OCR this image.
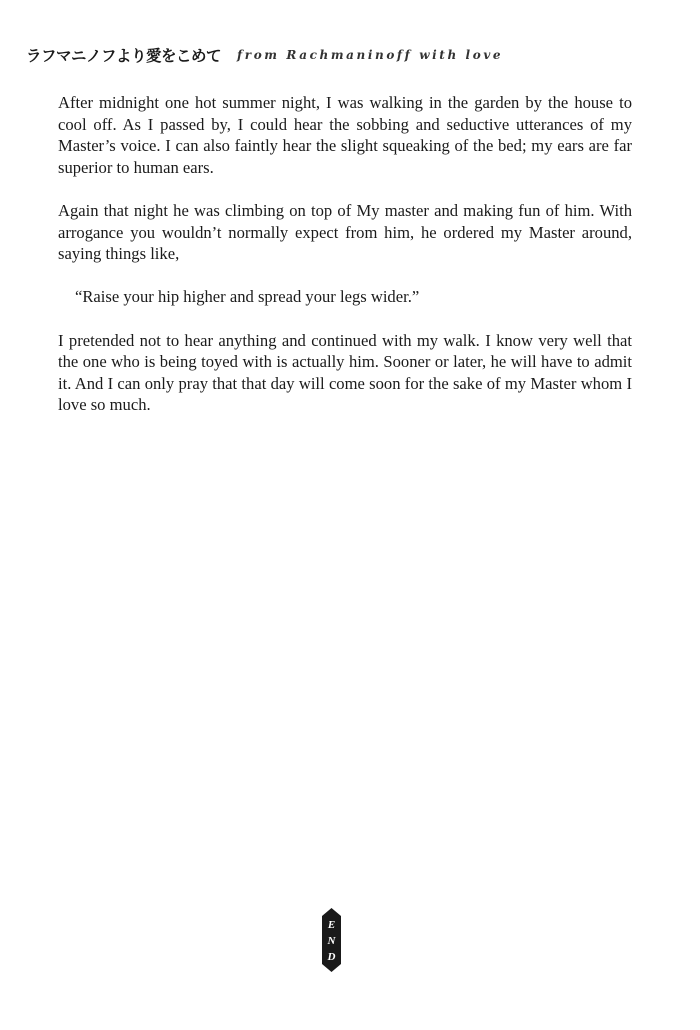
ラフマニノフより愛をこめて from Rachmaninoff with love

After midnight one hot summer night, I was walking in the garden by the house to cool off. As I passed by, I could hear the sobbing and seductive utterances of my Master’s voice. I can also faintly hear the slight squeaking of the bed; my ears are far superior to human ears.

Again that night he was climbing on top of My master and making fun of him. With arrogance you wouldn’t normally expect from him, he ordered my Master around, saying things like,

“Raise your hip higher and spread your legs wider.”

I pretended not to hear anything and continued with my walk. I know very well that the one who is being toyed with is actually him. Sooner or later, he will have to admit it. And I can only pray that that day will come soon for the sake of my Master whom I love so much.

E
N
D
